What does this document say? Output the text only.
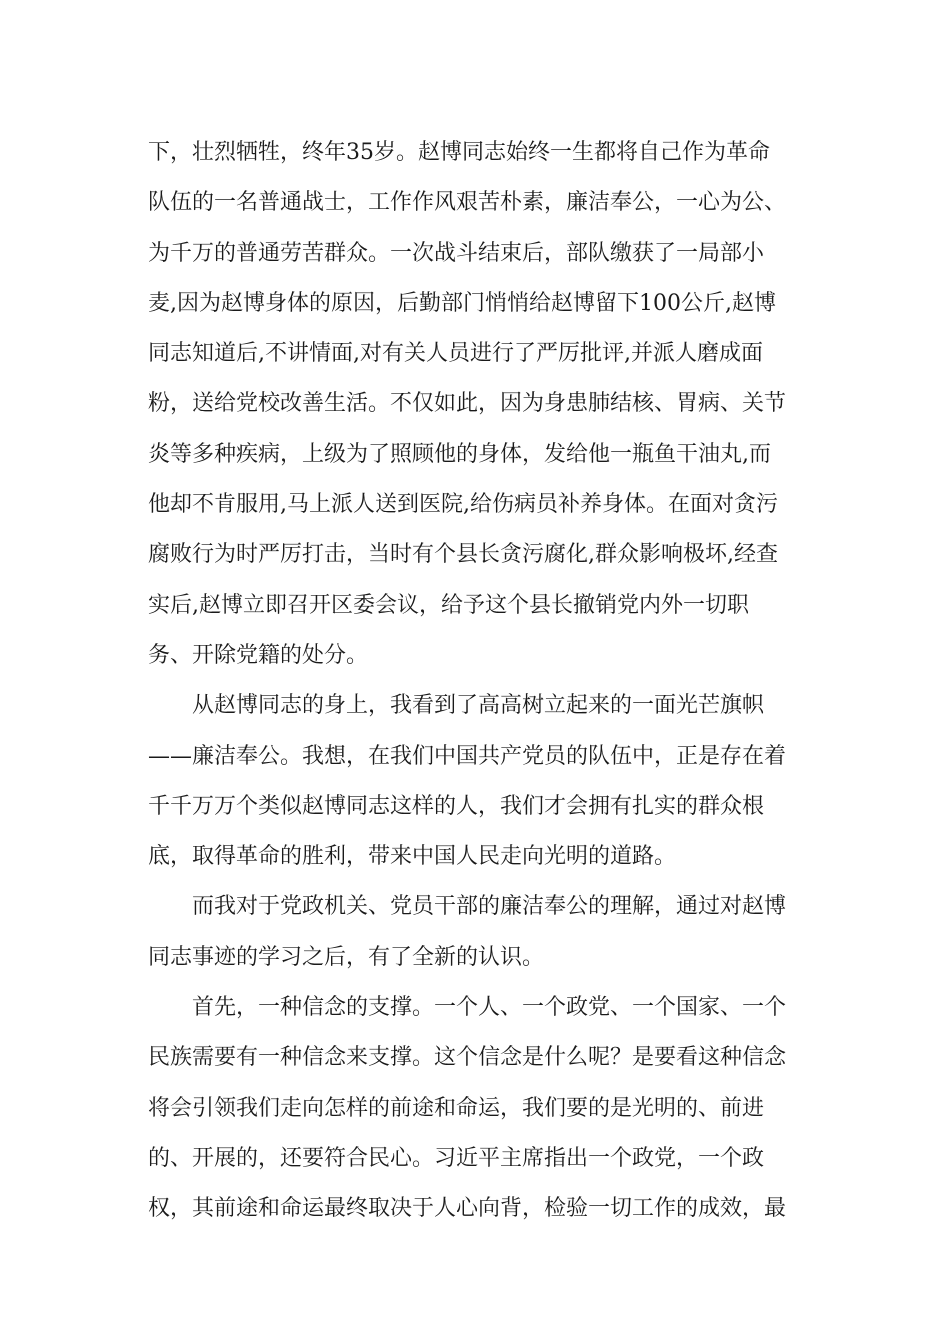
下，壮烈牺牲，终年35岁。赵博同志始终一生都将自己作为革命
队伍的一名普通战士，工作作风艰苦朴素，廉洁奉公，一心为公、
为千万的普通劳苦群众。一次战斗结束后，部队缴获了一局部小
麦,因为赵博身体的原因，后勤部门悄悄给赵博留下100公斤,赵博
同志知道后,不讲情面,对有关人员进行了严厉批评,并派人磨成面
粉，送给党校改善生活。不仅如此，因为身患肺结核、胃病、关节
炎等多种疾病，上级为了照顾他的身体，发给他一瓶鱼干油丸,而
他却不肯服用,马上派人送到医院,给伤病员补养身体。在面对贪污
腐败行为时严厉打击，当时有个县长贪污腐化,群众影响极坏,经查
实后,赵博立即召开区委会议，给予这个县长撤销党内外一切职
务、开除党籍的处分。
从赵博同志的身上，我看到了高高树立起来的一面光芒旗帜
——廉洁奉公。我想，在我们中国共产党员的队伍中，正是存在着
千千万万个类似赵博同志这样的人，我们才会拥有扎实的群众根
底，取得革命的胜利，带来中国人民走向光明的道路。
而我对于党政机关、党员干部的廉洁奉公的理解，通过对赵博
同志事迹的学习之后，有了全新的认识。
首先，一种信念的支撑。一个人、一个政党、一个国家、一个
民族需要有一种信念来支撑。这个信念是什么呢？是要看这种信念
将会引领我们走向怎样的前途和命运，我们要的是光明的、前进
的、开展的，还要符合民心。习近平主席指出一个政党，一个政
权，其前途和命运最终取决于人心向背，检验一切工作的成效，最
